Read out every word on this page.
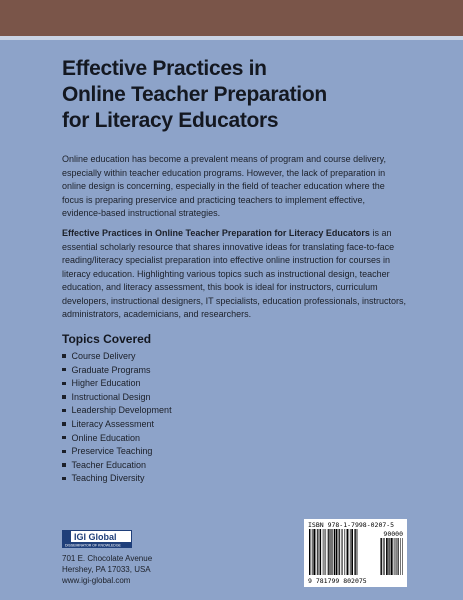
Effective Practices in
Online Teacher Preparation
for Literacy Educators

Online education has become a prevalent means of program and course delivery, especially within teacher education programs. However, the lack of preparation in online design is concerning, especially in the field of teacher education where the focus is preparing preservice and practicing teachers to implement effective, evidence-based instructional strategies.

Effective Practices in Online Teacher Preparation for Literacy Educators is an essential scholarly resource that shares innovative ideas for translating face-to-face reading/literacy specialist preparation into effective online instruction for courses in literacy education. Highlighting various topics such as instructional design, teacher education, and literacy assessment, this book is ideal for instructors, curriculum developers, instructional designers, IT specialists, education professionals, instructors, administrators, academicians, and researchers.

Topics Covered
Course Delivery
Graduate Programs
Higher Education
Instructional Design
Leadership Development
Literacy Assessment
Online Education
Preservice Teaching
Teacher Education
Teaching Diversity
IGI Global
DISSEMINATOR OF KNOWLEDGE
701 E. Chocolate Avenue
Hershey, PA 17033, USA
www.igi-global.com
ISBN 978-1-7998-0207-5
90000
9 781799 802075
